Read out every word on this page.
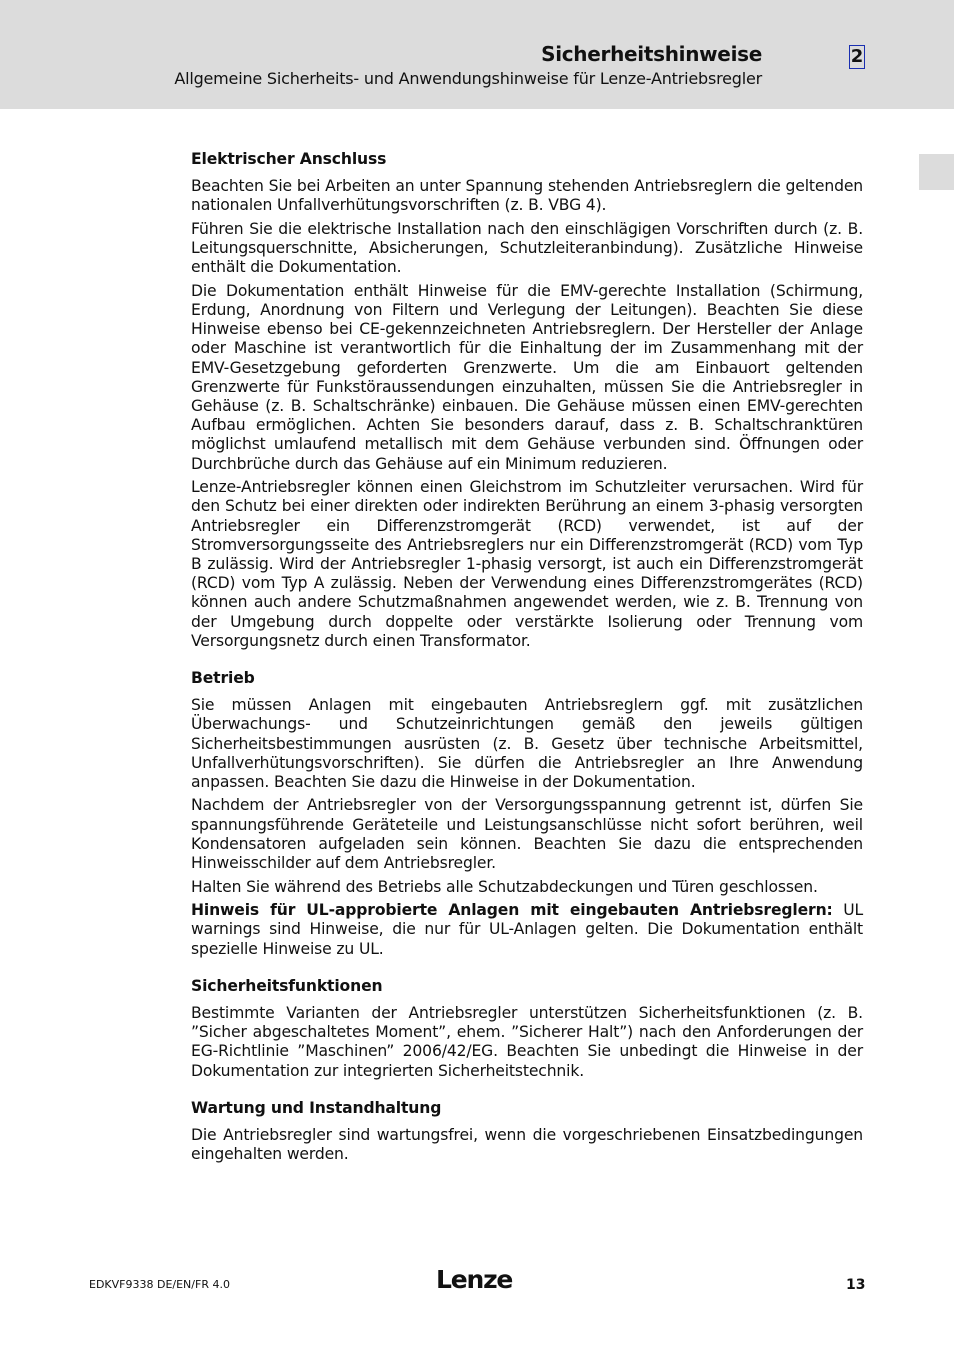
Sicherheitshinweise
Allgemeine Sicherheits- und Anwendungshinweise für Lenze-Antriebsregler
2
Elektrischer Anschluss

Beachten Sie bei Arbeiten an unter Spannung stehenden Antriebsreglern die geltenden nationalen Unfallverhütungsvorschriften (z. B. VBG 4).

Führen Sie die elektrische Installation nach den einschlägigen Vorschriften durch (z. B. Leitungsquerschnitte, Absicherungen, Schutzleiteranbindung). Zusätzliche Hinweise enthält die Dokumentation.

Die Dokumentation enthält Hinweise für die EMV-gerechte Installation (Schirmung, Erdung, Anordnung von Filtern und Verlegung der Leitungen). Beachten Sie diese Hinweise ebenso bei CE-gekennzeichneten Antriebsreglern. Der Hersteller der Anlage oder Maschine ist verantwortlich für die Einhaltung der im Zusammenhang mit der EMV-Gesetzgebung geforderten Grenzwerte. Um die am Einbauort geltenden Grenzwerte für Funkstöraussendungen einzuhalten, müssen Sie die Antriebsregler in Gehäuse (z. B. Schaltschränke) einbauen. Die Gehäuse müssen einen EMV-gerechten Aufbau ermöglichen. Achten Sie besonders darauf, dass z. B. Schaltschranktüren möglichst umlaufend metallisch mit dem Gehäuse verbunden sind. Öffnungen oder Durchbrüche durch das Gehäuse auf ein Minimum reduzieren.

Lenze-Antriebsregler können einen Gleichstrom im Schutzleiter verursachen. Wird für den Schutz bei einer direkten oder indirekten Berührung an einem 3-phasig versorgten Antriebsregler ein Differenzstromgerät (RCD) verwendet, ist auf der Stromversorgungsseite des Antriebsreglers nur ein Differenzstromgerät (RCD) vom Typ B zulässig. Wird der Antriebsregler 1-phasig versorgt, ist auch ein Differenzstromgerät (RCD) vom Typ A zulässig. Neben der Verwendung eines Differenzstromgerätes (RCD) können auch andere Schutzmaßnahmen angewendet werden, wie z. B. Trennung von der Umgebung durch doppelte oder verstärkte Isolierung oder Trennung vom Versorgungsnetz durch einen Transformator.

Betrieb

Sie müssen Anlagen mit eingebauten Antriebsreglern ggf. mit zusätzlichen Überwachungs- und Schutzeinrichtungen gemäß den jeweils gültigen Sicherheitsbestimmungen ausrüsten (z. B. Gesetz über technische Arbeitsmittel, Unfallverhütungsvorschriften). Sie dürfen die Antriebsregler an Ihre Anwendung anpassen. Beachten Sie dazu die Hinweise in der Dokumentation.

Nachdem der Antriebsregler von der Versorgungsspannung getrennt ist, dürfen Sie spannungsführende Geräteteile und Leistungsanschlüsse nicht sofort berühren, weil Kondensatoren aufgeladen sein können. Beachten Sie dazu die entsprechenden Hinweisschilder auf dem Antriebsregler.

Halten Sie während des Betriebs alle Schutzabdeckungen und Türen geschlossen.

Hinweis für UL-approbierte Anlagen mit eingebauten Antriebsreglern: UL warnings sind Hinweise, die nur für UL-Anlagen gelten. Die Dokumentation enthält spezielle Hinweise zu UL.

Sicherheitsfunktionen

Bestimmte Varianten der Antriebsregler unterstützen Sicherheitsfunktionen (z. B. ”Sicher abgeschaltetes Moment”, ehem. ”Sicherer Halt”) nach den Anforderungen der EG-Richtlinie ”Maschinen” 2006/42/EG. Beachten Sie unbedingt die Hinweise in der Dokumentation zur integrierten Sicherheitstechnik.

Wartung und Instandhaltung

Die Antriebsregler sind wartungsfrei, wenn die vorgeschriebenen Einsatzbedingungen eingehalten werden.

EDKVF9338 DE/EN/FR 4.0	Lenze	13
